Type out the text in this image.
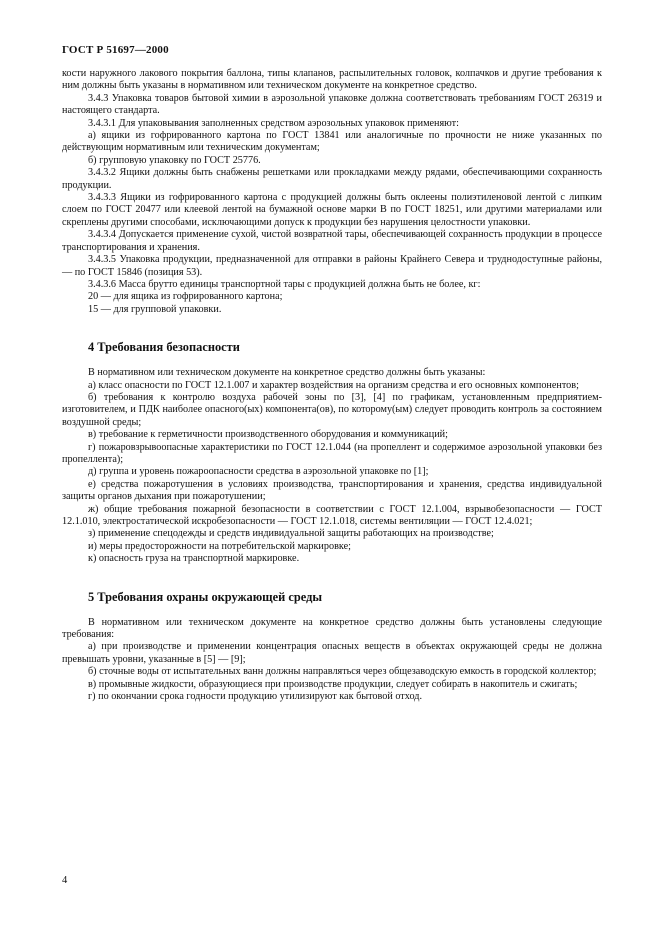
ГОСТ Р 51697—2000

кости наружного лакового покрытия баллона, типы клапанов, распылительных головок, колпачков и другие требования к ним должны быть указаны в нормативном или техническом документе на конкретное средство.

3.4.3 Упаковка товаров бытовой химии в аэрозольной упаковке должна соответствовать требованиям ГОСТ 26319 и настоящего стандарта.

3.4.3.1 Для упаковывания заполненных средством аэрозольных упаковок применяют:

а) ящики из гофрированного картона по ГОСТ 13841 или аналогичные по прочности не ниже указанных по действующим нормативным или техническим документам;

б) групповую упаковку по ГОСТ 25776.

3.4.3.2 Ящики должны быть снабжены решетками или прокладками между рядами, обеспечивающими сохранность продукции.

3.4.3.3 Ящики из гофрированного картона с продукцией должны быть оклеены полиэтиленовой лентой с липким слоем по ГОСТ 20477 или клеевой лентой на бумажной основе марки В по ГОСТ 18251, или другими материалами или скреплены другими способами, исключающими допуск к продукции без нарушения целостности упаковки.

3.4.3.4 Допускается применение сухой, чистой возвратной тары, обеспечивающей сохранность продукции в процессе транспортирования и хранения.

3.4.3.5 Упаковка продукции, предназначенной для отправки в районы Крайнего Севера и труднодоступные районы, — по ГОСТ 15846 (позиция 53).

3.4.3.6 Масса брутто единицы транспортной тары с продукцией должна быть не более, кг:

20 — для ящика из гофрированного картона;

15 — для групповой упаковки.

4 Требования безопасности

В нормативном или техническом документе на конкретное средство должны быть указаны:

а) класс опасности по ГОСТ 12.1.007 и характер воздействия на организм средства и его основных компонентов;

б) требования к контролю воздуха рабочей зоны по [3], [4] по графикам, установленным предприятием-изготовителем, и ПДК наиболее опасного(ых) компонента(ов), по которому(ым) следует проводить контроль за состоянием воздушной среды;

в) требование к герметичности производственного оборудования и коммуникаций;

г) пожаровзрывоопасные характеристики по ГОСТ 12.1.044 (на пропеллент и содержимое аэрозольной упаковки без пропеллента);

д) группа и уровень пожароопасности средства в аэрозольной упаковке по [1];

е) средства пожаротушения в условиях производства, транспортирования и хранения, средства индивидуальной защиты органов дыхания при пожаротушении;

ж) общие требования пожарной безопасности в соответствии с ГОСТ 12.1.004, взрывобезопасности — ГОСТ 12.1.010, электростатической искробезопасности — ГОСТ 12.1.018, системы вентиляции — ГОСТ 12.4.021;

з) применение спецодежды и средств индивидуальной защиты работающих на производстве;

и) меры предосторожности на потребительской маркировке;

к) опасность груза на транспортной маркировке.

5 Требования охраны окружающей среды

В нормативном или техническом документе на конкретное средство должны быть установлены следующие требования:

а) при производстве и применении концентрация опасных веществ в объектах окружающей среды не должна превышать уровни, указанные в [5] — [9];

б) сточные воды от испытательных ванн должны направляться через общезаводскую емкость в городской коллектор;

в) промывные жидкости, образующиеся при производстве продукции, следует собирать в накопитель и сжигать;

г) по окончании срока годности продукцию утилизируют как бытовой отход.

4
